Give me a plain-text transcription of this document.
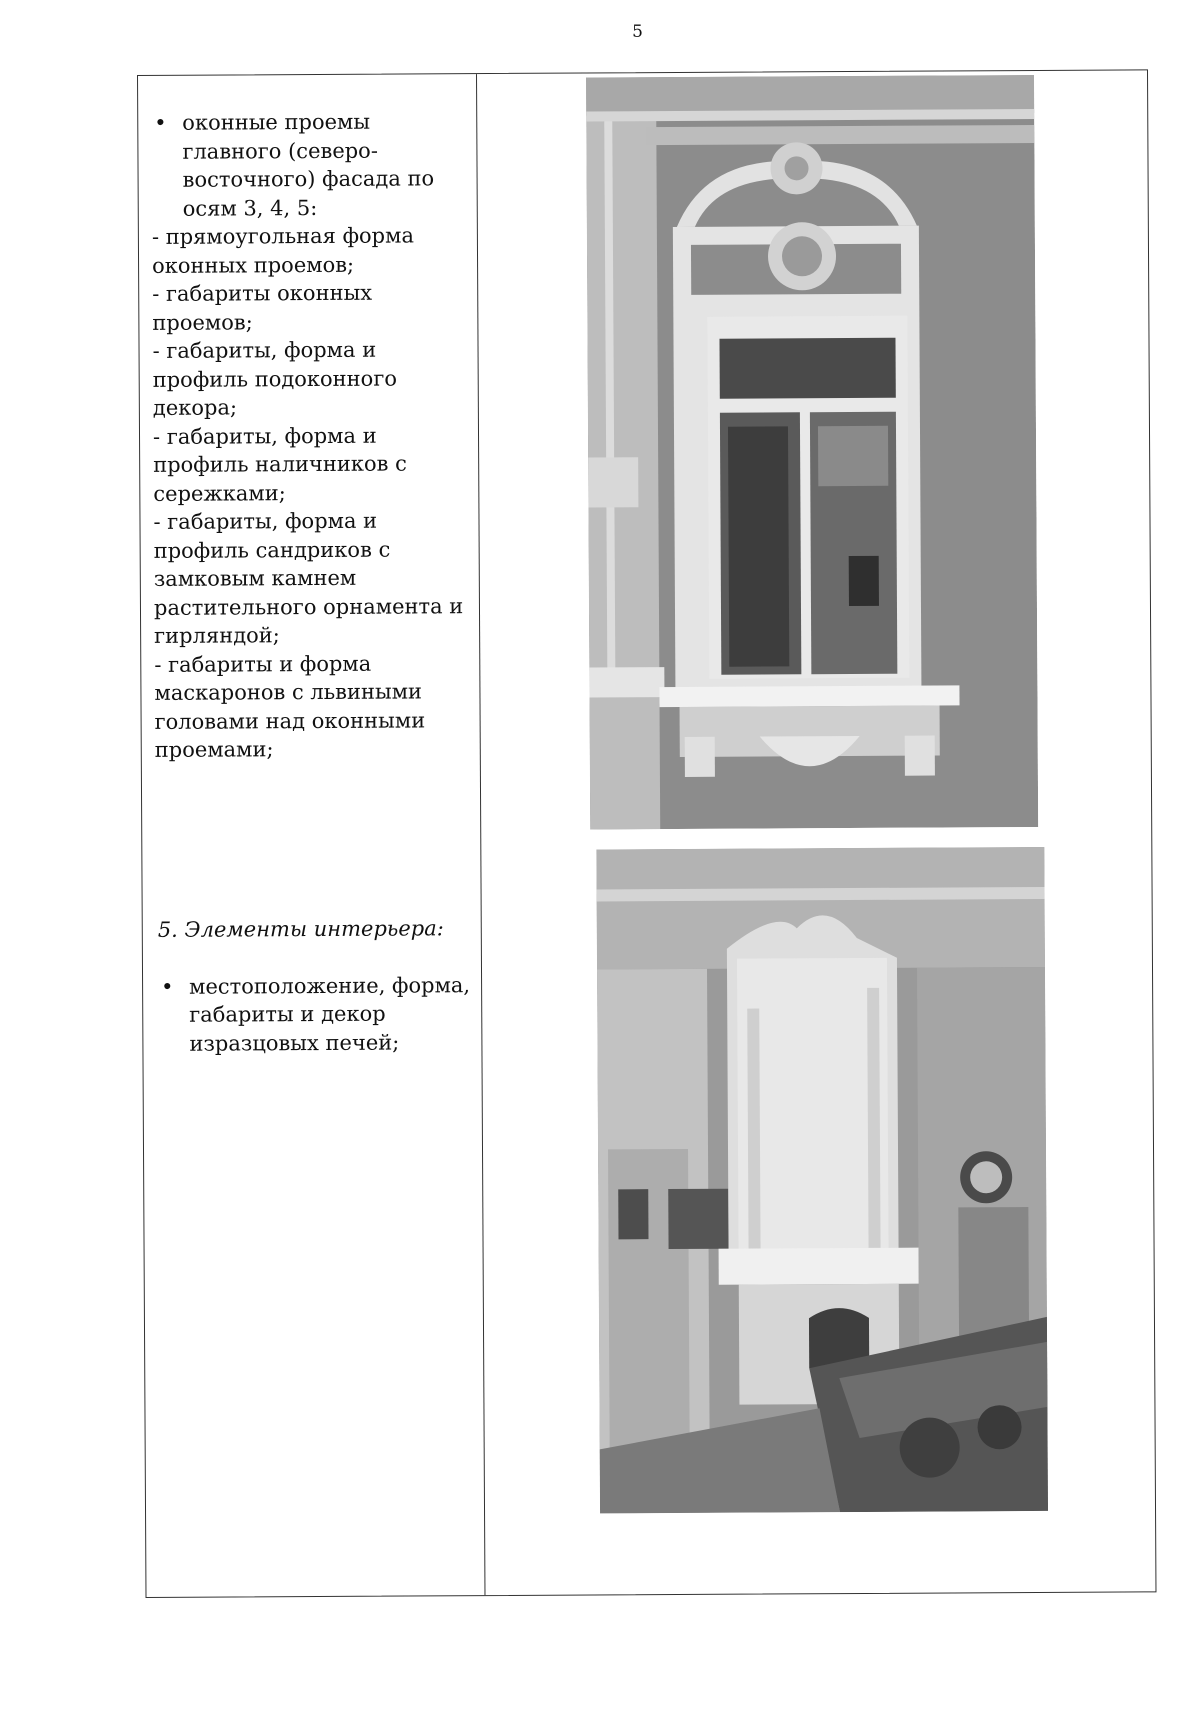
5
• оконные проемы главного (северо-восточного) фасада по осям 3, 4, 5:
- прямоугольная форма оконных проемов;
- габариты оконных проемов;
- габариты, форма и профиль подоконного декора;
- габариты, форма и профиль наличников с сережками;
- габариты, форма и профиль сандриков с замковым камнем растительного орнамента и гирляндой;
- габариты и форма маскаронов с львиными головами над оконными проемами;
5. Элементы интерьера:
• местоположение, форма, габариты и декор изразцовых печей;
